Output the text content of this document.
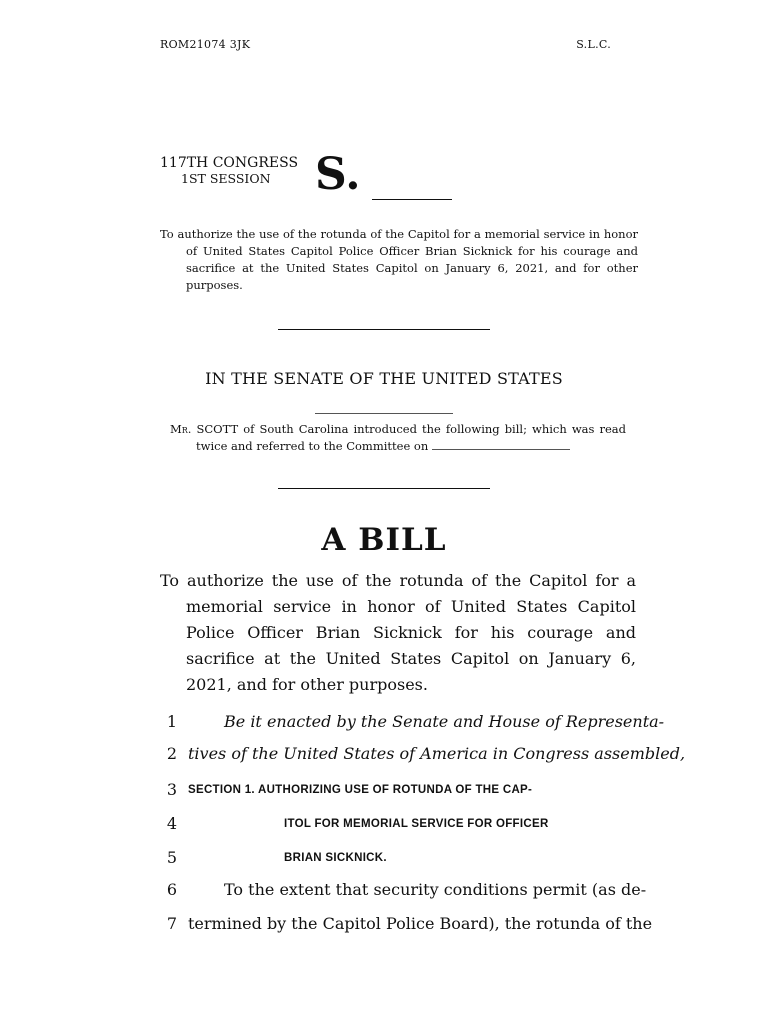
ROM21074 3JK	S.L.C.
117TH CONGRESS
1ST SESSION	S.
To authorize the use of the rotunda of the Capitol for a memorial service in honor of United States Capitol Police Officer Brian Sicknick for his courage and sacrifice at the United States Capitol on January 6, 2021, and for other purposes.
IN THE SENATE OF THE UNITED STATES
Mr. SCOTT of South Carolina introduced the following bill; which was read twice and referred to the Committee on
A BILL
To authorize the use of the rotunda of the Capitol for a memorial service in honor of United States Capitol Police Officer Brian Sicknick for his courage and sacrifice at the United States Capitol on January 6, 2021, and for other purposes.
1	Be it enacted by the Senate and House of Representa-
2 tives of the United States of America in Congress assembled,
3 SECTION 1. AUTHORIZING USE OF ROTUNDA OF THE CAP-
4	ITOL FOR MEMORIAL SERVICE FOR OFFICER
5	BRIAN SICKNICK.
6	To the extent that security conditions permit (as de-
7 termined by the Capitol Police Board), the rotunda of the
